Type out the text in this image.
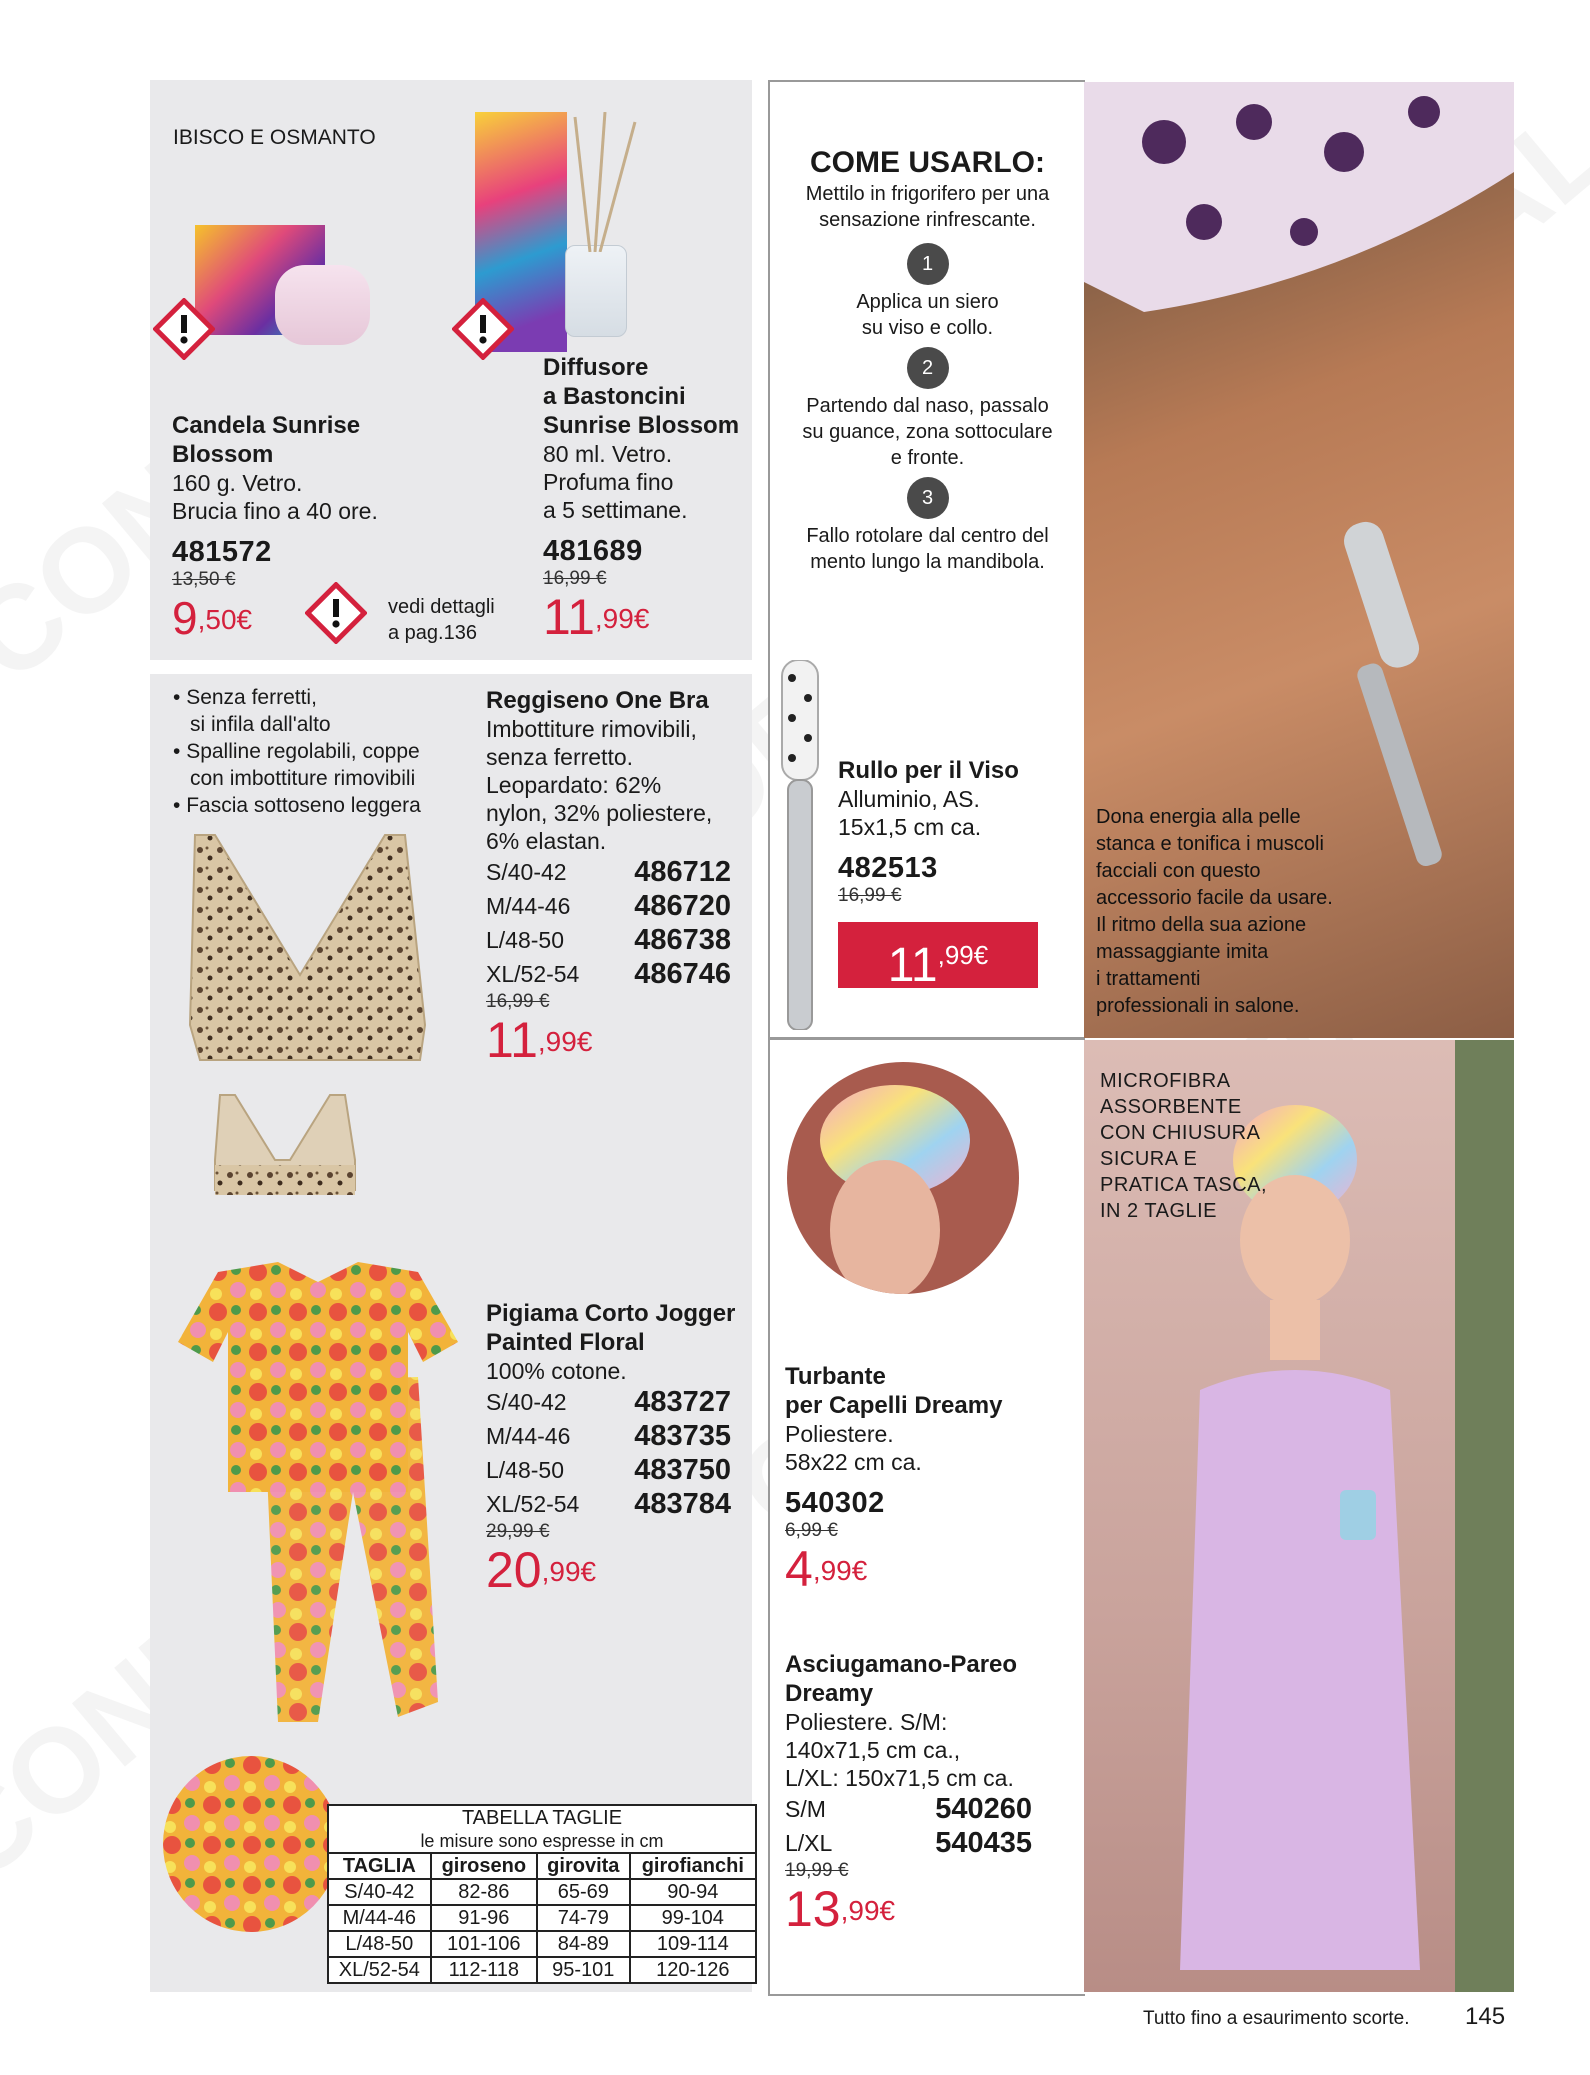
IBISCO E OSMANTO
Candela Sunrise
Blossom
160 g. Vetro.
Brucia fino a 40 ore.
481572
13,50 €
$9^{,50€}$	vedi dettagli
a pag.136
Diffusore
a Bastoncini
Sunrise Blossom
80 ml. Vetro.
Profuma fino
a 5 settimane.
481689
16,99 €
$11^{,99€}$
• Senza ferretti,
si infila dall'alto
• Spalline regolabili, coppe
con imbottiture rimovibili
• Fascia sottoseno leggera
Reggiseno One Bra
Imbottiture rimovibili,
senza ferretto.
Leopardato: 62%
nylon, 32% poliestere,
6% elastan.
S/40-42 486712
M/44-46 486720
L/48-50 486738
XL/52-54 486746
16,99 €
$11^{,99€}$
Pigiama Corto Jogger
Painted Floral
100% cotone.
S/40-42 483727
M/44-46 483735
L/48-50 483750
XL/52-54 483784
29,99 €
$20^{,99€}$
TABELLA TAGLIE
le misure sono espresse in cm
TAGLIA	giroseno	girovita	girofianchi
S/40-42	82-86	65-69	90-94
M/44-46	91-96	74-79	99-104
L/48-50	101-106	84-89	109-114
XL/52-54	112-118	95-101	120-126
COME USARLO:
Mettilo in frigorifero per una
sensazione rinfrescante.
1
Applica un siero
su viso e collo.
2
Partendo dal naso, passalo
su guance, zona sottoculare
e fronte.
3
Fallo rotolare dal centro del
mento lungo la mandibola.
Rullo per il Viso
Alluminio, AS.
15x1,5 cm ca.
482513
16,99 €
$11^{,99€}$
Dona energia alla pelle
stanca e tonifica i muscoli
facciali con questo
accessorio facile da usare.
Il ritmo della sua azione
massaggiante imita
i trattamenti
professionali in salone.
Turbante
per Capelli Dreamy
Poliestere.
58x22 cm ca.
540302
6,99 €
$4^{,99€}$
Asciugamano-Pareo
Dreamy
Poliestere. S/M:
140x71,5 cm ca.,
L/XL: 150x71,5 cm ca.
S/M	540260
L/XL	540435
19,99 €
$13^{,99€}$
MICROFIBRA
ASSORBENTE
CON CHIUSURA
SICURA E
PRATICA TASCA,
IN 2 TAGLIE
Tutto fino a esaurimento scorte. 145
